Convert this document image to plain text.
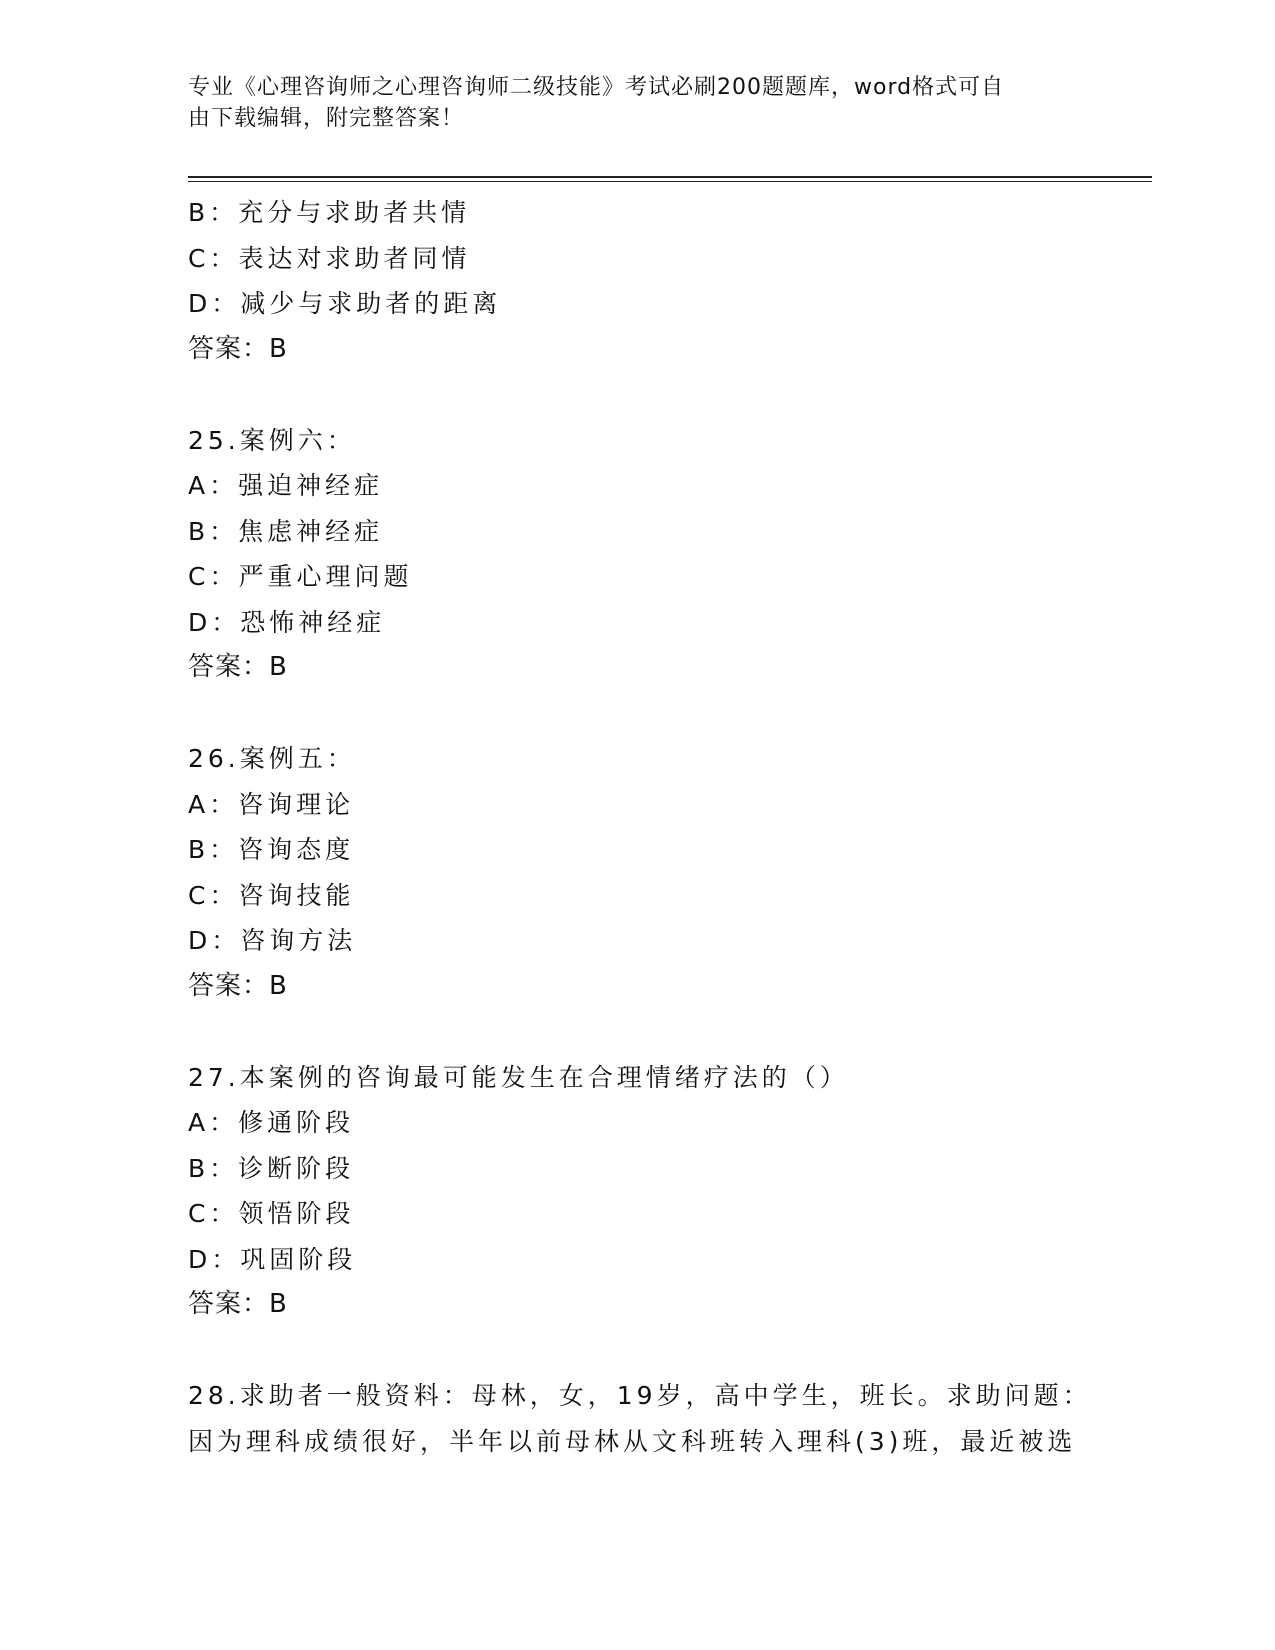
专业《心理咨询师之心理咨询师二级技能》考试必刷200题题库，word格式可自
由下载编辑，附完整答案！

B：充分与求助者共情

C：表达对求助者同情

D：减少与求助者的距离

答案：B

25.案例六：

A：强迫神经症

B：焦虑神经症

C：严重心理问题

D：恐怖神经症

答案：B

26.案例五：

A：咨询理论

B：咨询态度

C：咨询技能

D：咨询方法

答案：B

27.本案例的咨询最可能发生在合理情绪疗法的（）

A：修通阶段

B：诊断阶段

C：领悟阶段

D：巩固阶段

答案：B

28.求助者一般资料：母林，女，19岁，高中学生，班长。求助问题：

因为理科成绩很好，半年以前母林从文科班转入理科(3)班，最近被选
